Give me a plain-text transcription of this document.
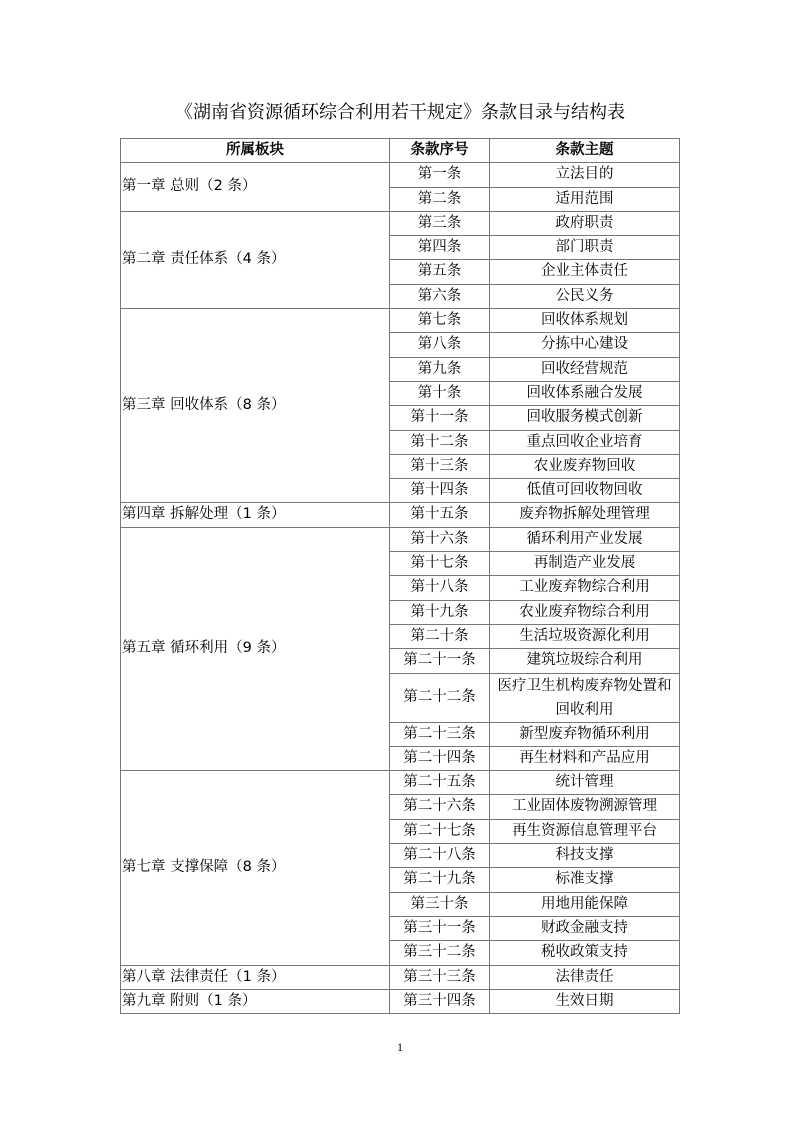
《湖南省资源循环综合利用若干规定》条款目录与结构表
所属板块	条款序号	条款主题
第一章 总则（2 条）	第一条	立法目的
	第二条	适用范围
第二章 责任体系（4 条）	第三条	政府职责
	第四条	部门职责
	第五条	企业主体责任
	第六条	公民义务
第三章 回收体系（8 条）	第七条	回收体系规划
	第八条	分拣中心建设
	第九条	回收经营规范
	第十条	回收体系融合发展
	第十一条	回收服务模式创新
	第十二条	重点回收企业培育
	第十三条	农业废弃物回收
	第十四条	低值可回收物回收
第四章 拆解处理（1 条）	第十五条	废弃物拆解处理管理
第五章 循环利用（9 条）	第十六条	循环利用产业发展
	第十七条	再制造产业发展
	第十八条	工业废弃物综合利用
	第十九条	农业废弃物综合利用
	第二十条	生活垃圾资源化利用
	第二十一条	建筑垃圾综合利用
	第二十二条	医疗卫生机构废弃物处置和回收利用
	第二十三条	新型废弃物循环利用
	第二十四条	再生材料和产品应用
第七章 支撑保障（8 条）	第二十五条	统计管理
	第二十六条	工业固体废物溯源管理
	第二十七条	再生资源信息管理平台
	第二十八条	科技支撑
	第二十九条	标准支撑
	第三十条	用地用能保障
	第三十一条	财政金融支持
	第三十二条	税收政策支持
第八章 法律责任（1 条）	第三十三条	法律责任
第九章 附则（1 条）	第三十四条	生效日期
1
